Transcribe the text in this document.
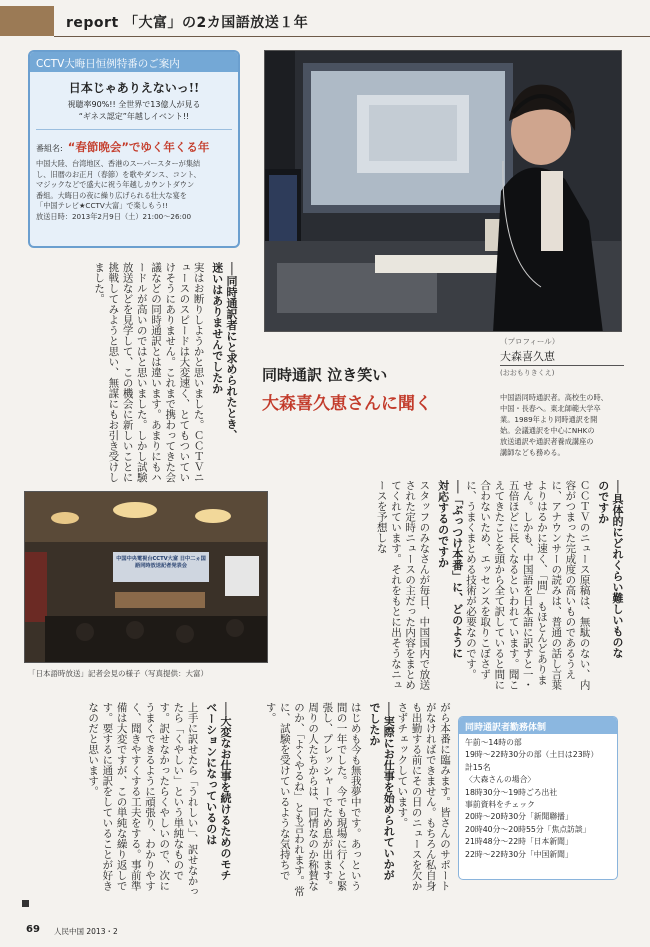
report 「大富」の2カ国語放送１年
CCTV大晦日恒例特番のご案内
日本じゃありえないっ!!
視聴率90%!! 全世界で13億人が見る
“ギネス認定”年越しイベント!!
番組名: “春節晩会”でゆく年くる年
中国大陸、台湾地区、香港のスーパースターが集結
し、旧暦のお正月（春節）を歌やダンス、コント、
マジックなどで盛大に祝う年越しカウントダウン
番組。大晦日の夜に繰り広げられる壮大な宴を
「中国テレビ★CCTV大富」で楽しもう!!
放送日時：2013年2月9日（土）21:00～26:00
同時通訳 泣き笑い
大森喜久恵さんに聞く
（プロフィール）
大森喜久恵
(おおもりきくえ)
中国語同時通訳者。高校生の時、
中国・長春へ。東北師範大学卒
業。1989年より同時通訳を開
始。会議通訳を中心にNHKの
放送通訳や通訳者養成講座の
講師なども務める。
──同時通訳者にと求められたとき、
迷いはありませんでしたか

実はお断りしようかと思いました。ＣＣＴＶニュースのスピードは大変速く、とてもついていけそうにありません。これまで携わってきた会議などの同時通訳とは違います。あまりにもハードルが高いのではと思いました。しかし試験放送などを見学して、この機会に新しいことに挑戦してみようと思い、無謀にもお引き受けしました。

──具体的にどれくらい難しいものな
のですか

ＣＣＴＶのニュース原稿は、無駄のない、内容がつまった完成度の高いものであるうえに、アナウンサーの読みは、普通の話し言葉よりはるかに速く、「間」もほとんどありません。しかも、中国語を日本語に訳すと一・五倍ほどに長くなるといわれています。聞こえてきたことを頭から全て訳していると間に合わないため、エッセンスを取りこぼさずに、うまくまとめる技術が必要なのです。

──「ぶっつけ本番」に、どのように
対応するのですか

スタッフのみなさんが毎日、中国国内で放送された定時ニュースの主だった内容をまとめてくれています。それをもとに出そうなニュースを予想しな

中国中央電視台CCTV大富 日中二ヵ国語同時放送記者発表会
「日本語時放送」記者会見の様子（写真提供：大富）
──大変なお仕事を続けるためのモチ
ベーションになっているのは

上手に訳せたら「うれしい」、訳せなかったら「くやしい」という単純なものです。訳せなかったらくやしいので、次にうまくできるように頑張り、わかりやすく、聞きやすくする工夫をする。事前準備は大変ですが、この単純な繰り返しです。要するに通訳をしていることが好きなのだと思います。	がら本番に臨みます。皆さんのサポートがなければできません。もちろん私自身も出勤する前にその日のニュースを欠かさずチェックしています。

──実際にお仕事を始められていかが
でしたか

はじめも今も無我夢中です。あっという間の一年でした。今でも現場に行くと緊張し、プレッシャーでため息が出ます。周りの人たちからは、同情なのか称賛なのか、「よくやるね」とも言われます。常に、試験を受けているような気持ちです。

同時通訳者勤務体制
午前～14時の部
19時～22時30分の部（土日は23時）
計15名
〈大森さんの場合〉
18時30分～19時ごろ出社
事前資料をチェック
20時～20時30分「新聞聯播」
20時40分～20時55分「焦点訪談」
21時48分～22時「日本新聞」
22時～22時30分「中国新聞」
69 人民中国 2013・2
